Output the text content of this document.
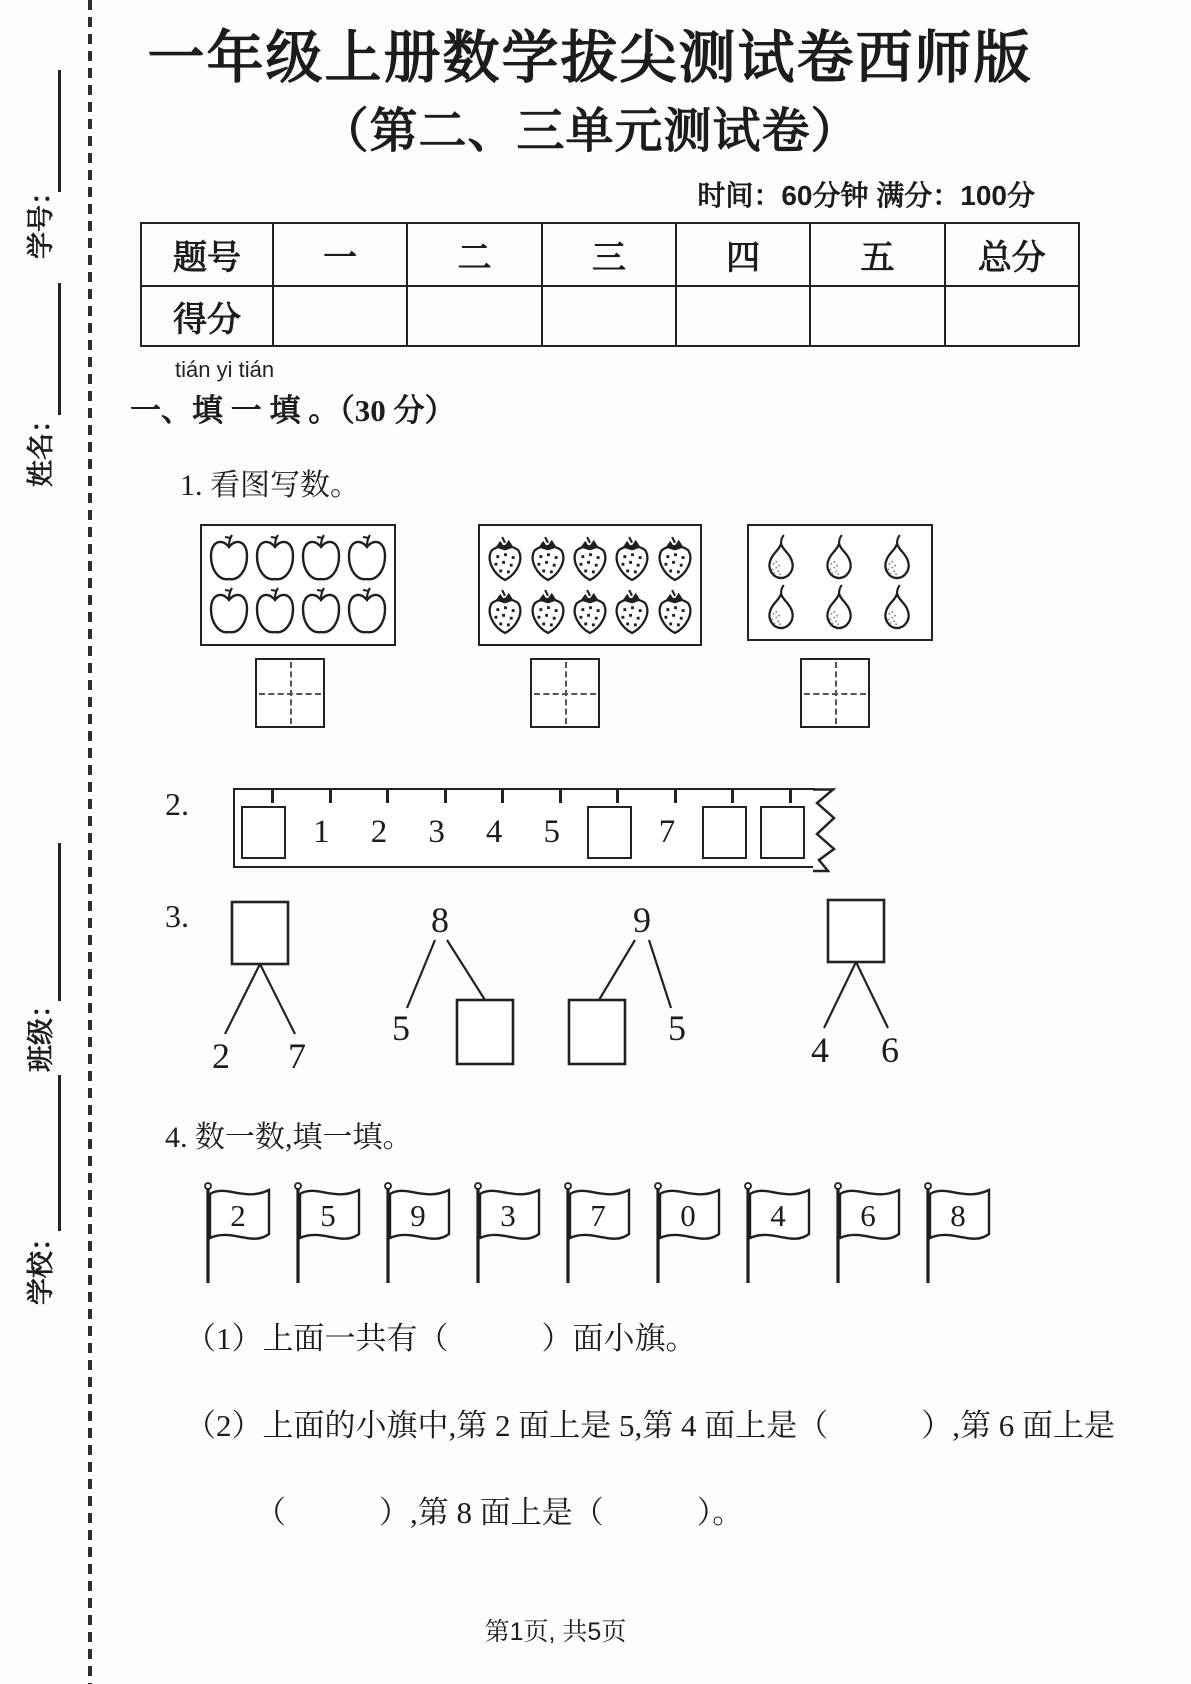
学号：
姓名：
班级：
学校：
一年级上册数学拔尖测试卷西师版
（第二、三单元测试卷）
时间：60分钟 满分：100分
题号	一	二	三	四	五	总分
得分						
tián yi tián
一、填 一 填 。（30 分）
1. 看图写数。
2.
1	2	3	4	5	7
3.
2 7
8
5
9
5
4 6
4. 数一数,填一填。
2 5 9 3 7 0 4 6 8
（1）上面一共有（　　　）面小旗。
（2）上面的小旗中,第 2 面上是 5,第 4 面上是（　　　）,第 6 面上是
（　　　）,第 8 面上是（　　　）。
第1页, 共5页
